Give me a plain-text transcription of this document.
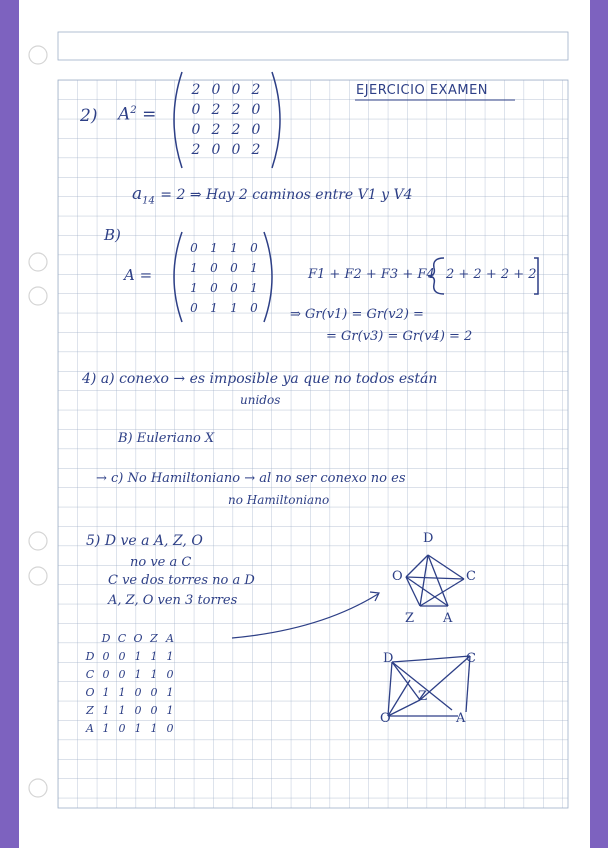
2) $A^2$ =
2 0 0 2
0 2 2 0
0 2 2 0
2 0 0 2
EJERCICIO EXAMEN
$a_{14} = 2$ ⇒ Hay 2 caminos entre V1 y V4
B)
A =
0	1	1	0
1	0	0	1
1	0	0	1
0	1	1	0
F1 + F2 + F3 + F4 2 + 2 + 2 + 2
⇒ Gr(v1) = Gr(v2) =
= Gr(v3) = Gr(v4) = 2
4) a) conexo → es imposible ya que no todos están
unidos
B) Euleriano X
→ c) No Hamiltoniano → al no ser conexo no es
no Hamiltoniano
5) D ve a A, Z, O
no ve a C
C ve dos torres no a D
A, Z, O ven 3 torres
D C O Z A
D 0 0 1 1 1
C 0 0 1 1 0
O 1 1 0 0 1
Z 1 1 0 0 1
A 1 0 1 1 0
D
O	C
Z A
D	C
Z
O	A
